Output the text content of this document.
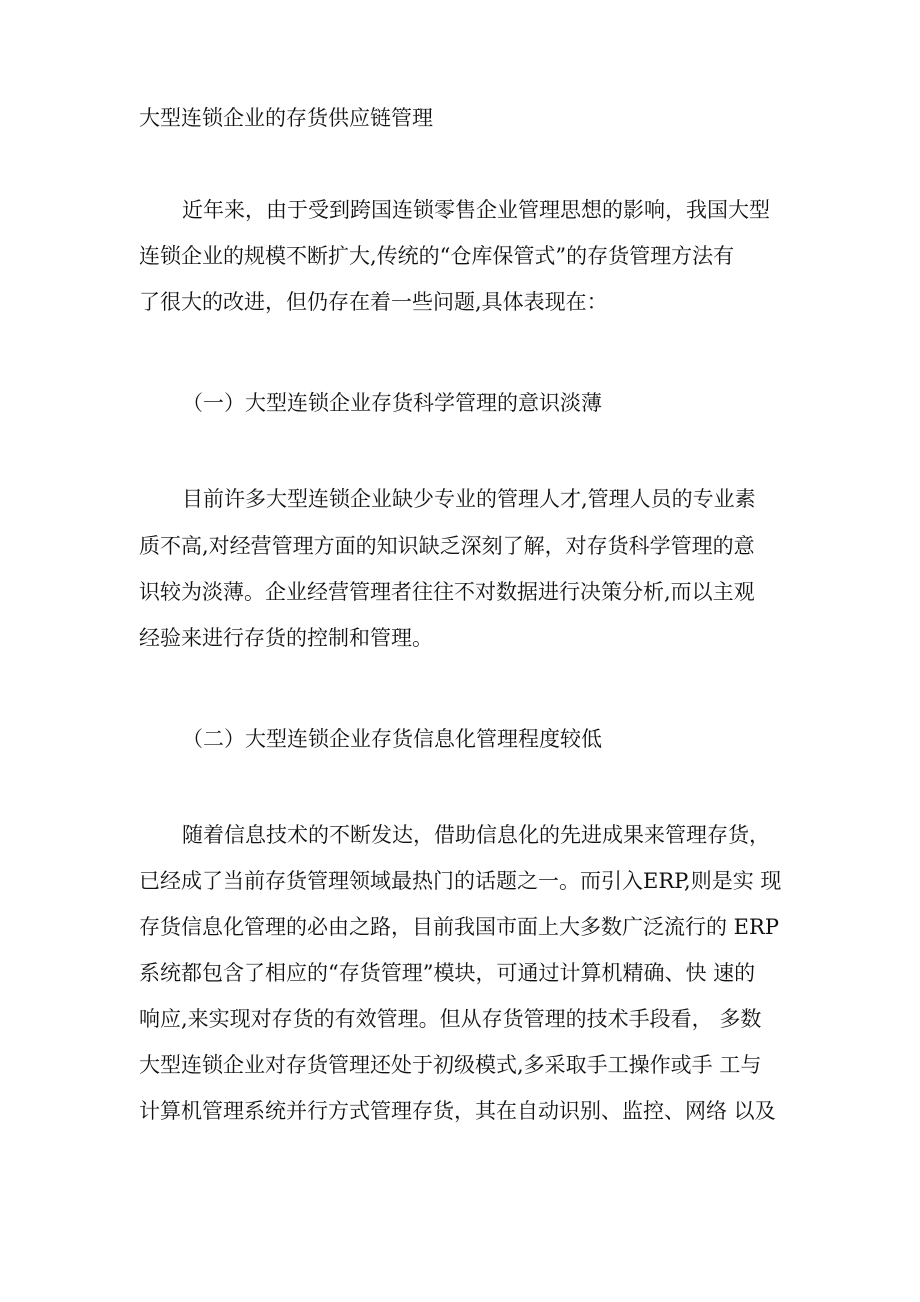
大型连锁企业的存货供应链管理
近年来，由于受到跨国连锁零售企业管理思想的影响，我国大型
连锁企业的规模不断扩大,传统的“仓库保管式”的存货管理方法有
了很大的改进，但仍存在着一些问题,具体表现在：
（一）大型连锁企业存货科学管理的意识淡薄
目前许多大型连锁企业缺少专业的管理人才,管理人员的专业素
质不高,对经营管理方面的知识缺乏深刻了解，对存货科学管理的意
识较为淡薄。企业经营管理者往往不对数据进行决策分析,而以主观
经验来进行存货的控制和管理。
（二）大型连锁企业存货信息化管理程度较低
随着信息技术的不断发达，借助信息化的先进成果来管理存货，
已经成了当前存货管理领域最热门的话题之一。而引入ERP,则是实 现
存货信息化管理的必由之路，目前我国市面上大多数广泛流行的 ERP
系统都包含了相应的“存货管理”模块，可通过计算机精确、快 速的
响应,来实现对存货的有效管理。但从存货管理的技术手段看， 多数
大型连锁企业对存货管理还处于初级模式,多采取手工操作或手 工与
计算机管理系统并行方式管理存货，其在自动识别、监控、网络 以及
